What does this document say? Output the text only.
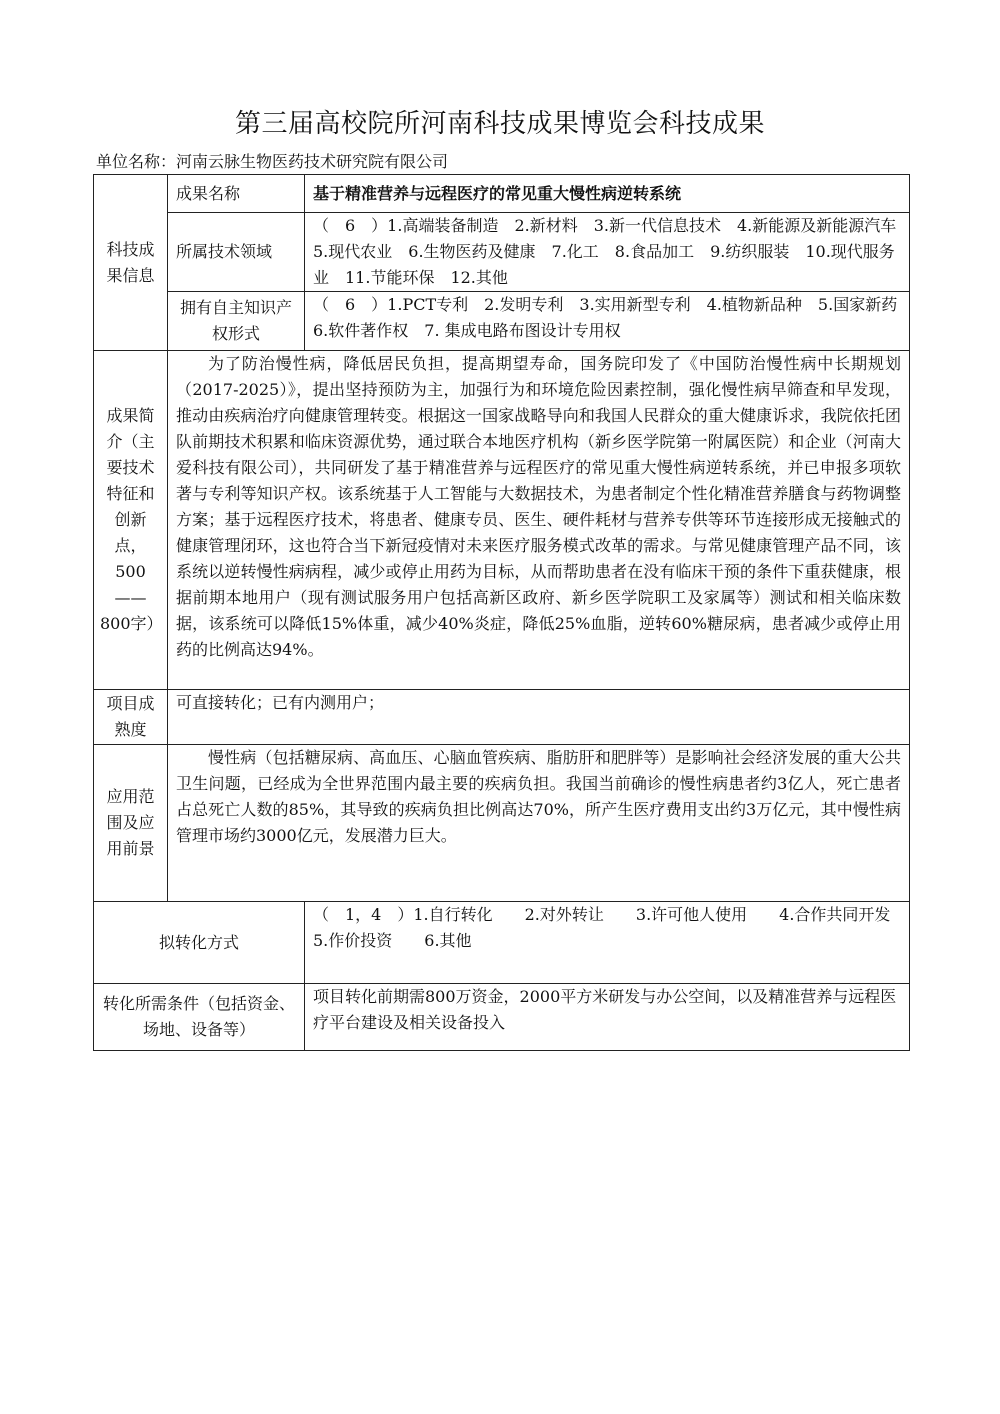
第三届高校院所河南科技成果博览会科技成果
单位名称：河南云脉生物医药技术研究院有限公司
科技成果信息	成果名称	基于精准营养与远程医疗的常见重大慢性病逆转系统
	所属技术领域	（　6　）1.高端装备制造　2.新材料　3.新一代信息技术　4.新能源及新能源汽车　5.现代农业　6.生物医药及健康　7.化工　8.食品加工　9.纺织服装　10.现代服务业　11.节能环保　12.其他
	拥有自主知识产权形式	（　6　）1.PCT专利　2.发明专利　3.实用新型专利　4.植物新品种　5.国家新药　6.软件著作权　7. 集成电路布图设计专用权
成果简介（主要技术特征和创新点，500——800字）	为了防治慢性病，降低居民负担，提高期望寿命，国务院印发了《中国防治慢性病中长期规划（2017-2025）》，提出坚持预防为主，加强行为和环境危险因素控制，强化慢性病早筛查和早发现，推动由疾病治疗向健康管理转变。根据这一国家战略导向和我国人民群众的重大健康诉求，我院依托团队前期技术积累和临床资源优势，通过联合本地医疗机构（新乡医学院第一附属医院）和企业（河南大爱科技有限公司），共同研发了基于精准营养与远程医疗的常见重大慢性病逆转系统，并已申报多项软著与专利等知识产权。该系统基于人工智能与大数据技术，为患者制定个性化精准营养膳食与药物调整方案；基于远程医疗技术，将患者、健康专员、医生、硬件耗材与营养专供等环节连接形成无接触式的健康管理闭环，这也符合当下新冠疫情对未来医疗服务模式改革的需求。与常见健康管理产品不同，该系统以逆转慢性病病程，减少或停止用药为目标，从而帮助患者在没有临床干预的条件下重获健康，根据前期本地用户（现有测试服务用户包括高新区政府、新乡医学院职工及家属等）测试和相关临床数据，该系统可以降低15%体重，减少40%炎症，降低25%血脂，逆转60%糖尿病，患者减少或停止用药的比例高达94%。	

项目成熟度	可直接转化；已有内测用户；	
应用范围及应用前景	慢性病（包括糖尿病、高血压、心脑血管疾病、脂肪肝和肥胖等）是影响社会经济发展的重大公共卫生问题，已经成为全世界范围内最主要的疾病负担。我国当前确诊的慢性病患者约3亿人，死亡患者占总死亡人数的85%，其导致的疾病负担比例高达70%，所产生医疗费用支出约3万亿元，其中慢性病管理市场约3000亿元，发展潜力巨大。	

拟转化方式		（　1，4　）1.自行转化　　2.对外转让　　3.许可他人使用　　4.合作共同开发
5.作价投资　　6.其他

转化所需条件（包括资金、场地、设备等）		项目转化前期需800万资金，2000平方米研发与办公空间，以及精准营养与远程医疗平台建设及相关设备投入
